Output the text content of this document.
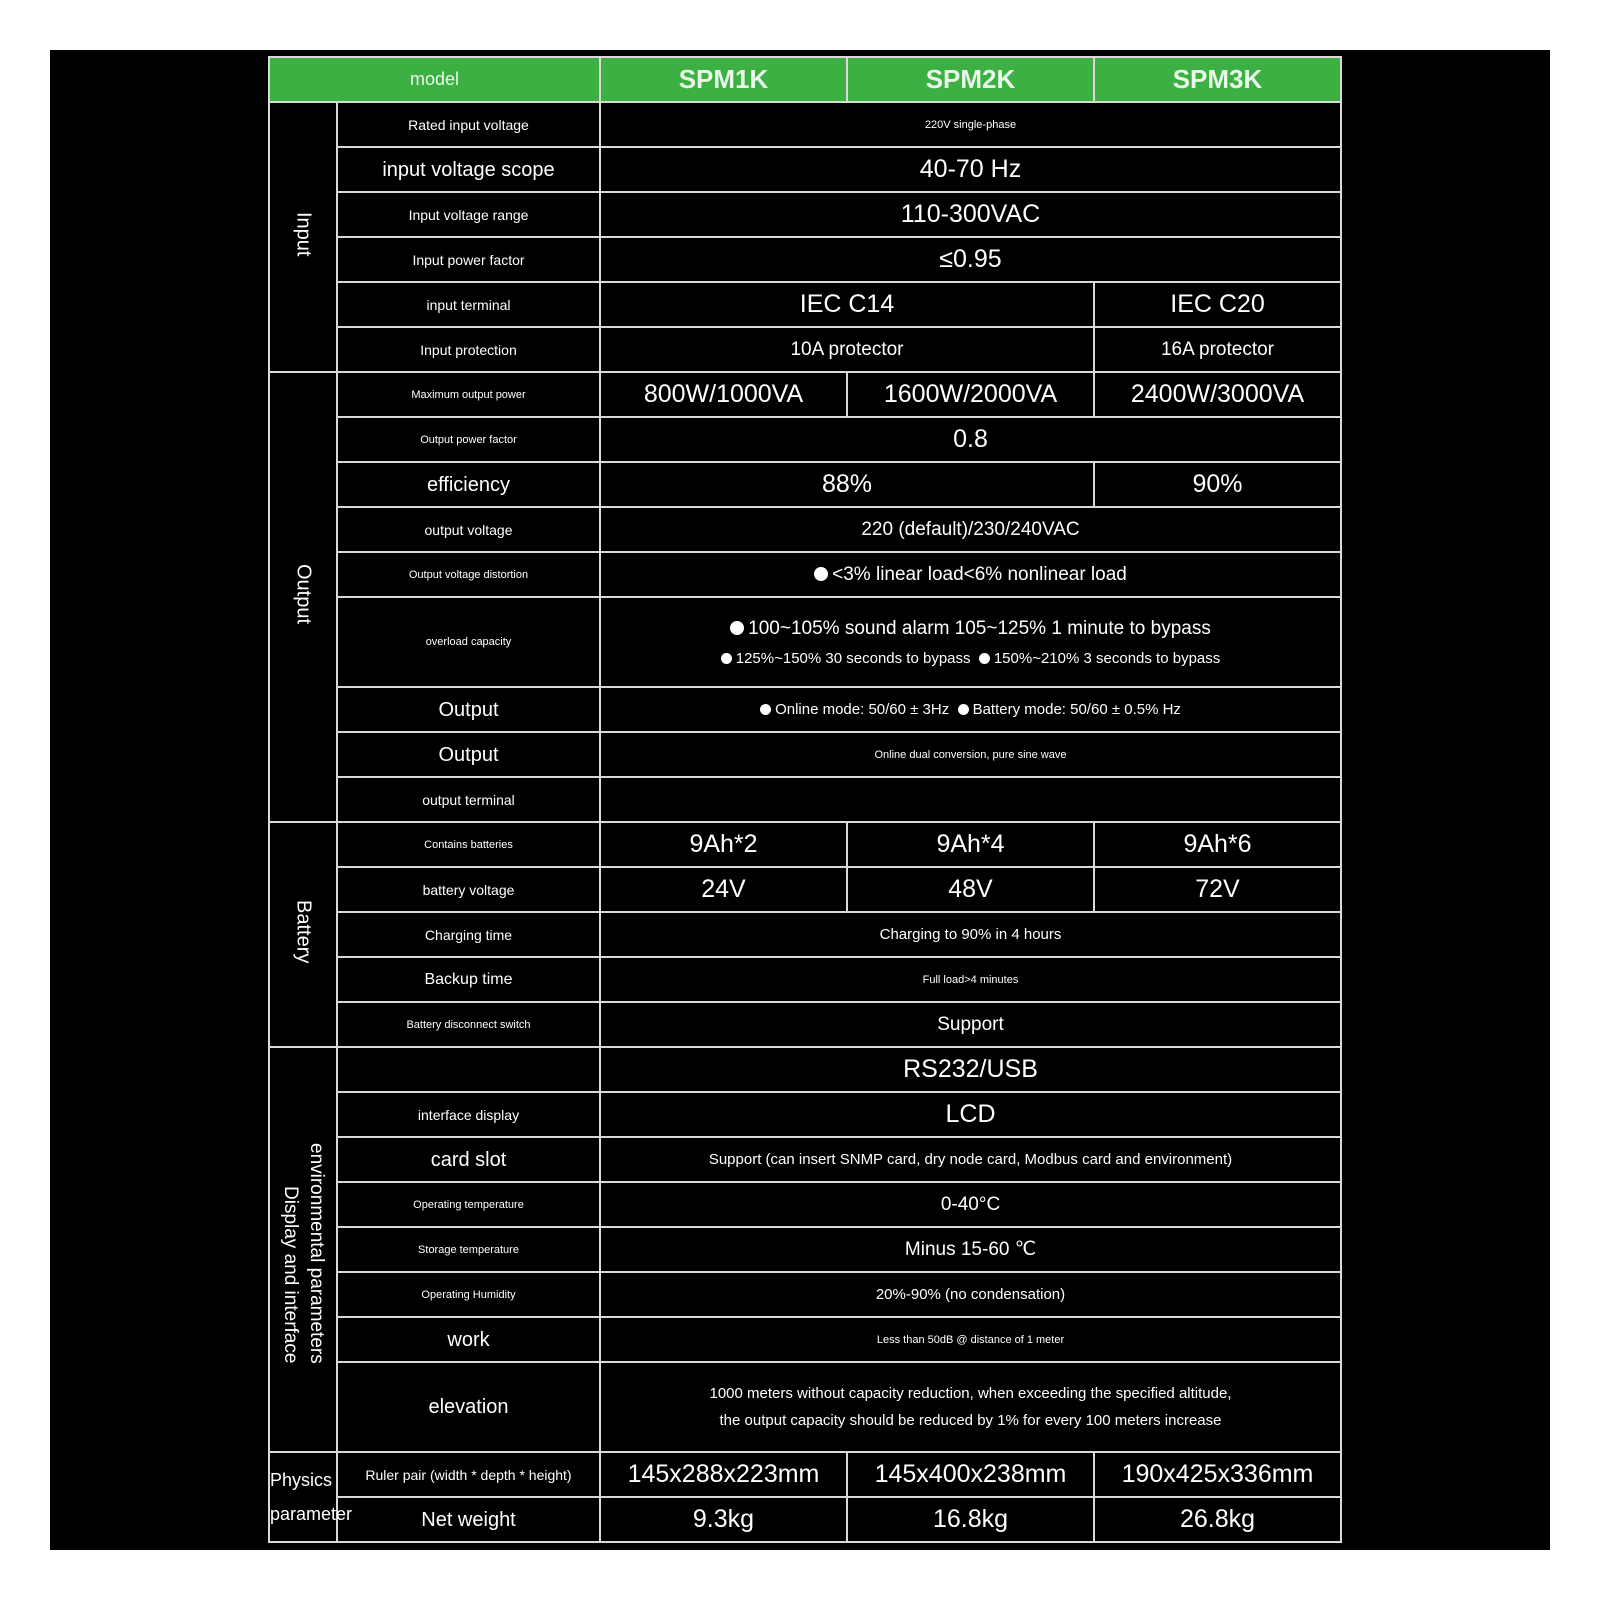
model		SPM1K	SPM2K	SPM3K
Input	Rated input voltage	220V single-phase		
	input voltage scope	40-70 Hz		
	Input voltage range	110-300VAC		
	Input power factor	≤0.95		
	input terminal	IEC C14		IEC C20
	Input protection	10A protector		16A protector
Output	Maximum output power	800W/1000VA	1600W/2000VA	2400W/3000VA
	Output power factor	0.8		
	efficiency	88%		90%
	output voltage	220 (default)/230/240VAC		
	Output voltage distortion	<3% linear load<6% nonlinear load		
	overload capacity	100~105% sound alarm 105~125% 1 minute to bypass
125%~150% 30 seconds to bypass 150%~210% 3 seconds to bypass		

	Output	Online mode: 50/60 ± 3Hz Battery mode: 50/60 ± 0.5% Hz		
	Output	Online dual conversion, pure sine wave		
	output terminal			

Battery	Contains batteries	9Ah*2	9Ah*4	9Ah*6
	battery voltage	24V	48V	72V
	Charging time	Charging to 90% in 4 hours		
	Backup time	Full load>4 minutes		
	Battery disconnect switch	Support		
Display and interface environmental parameters		RS232/USB		
	interface display	LCD		
	card slot	Support (can insert SNMP card, dry node card, Modbus card and environment)		
	Operating temperature	0-40°C		
	Storage temperature	Minus 15-60 ℃		
	Operating Humidity	20%-90% (no condensation)		
	work	Less than 50dB @ distance of 1 meter		
	elevation	1000 meters without capacity reduction, when exceeding the specified altitude,
the output capacity should be reduced by 1% for every 100 meters increase		

Physics parameter	Ruler pair (width * depth * height)	145x288x223mm	145x400x238mm	190x425x336mm
	Net weight	9.3kg	16.8kg	26.8kg
